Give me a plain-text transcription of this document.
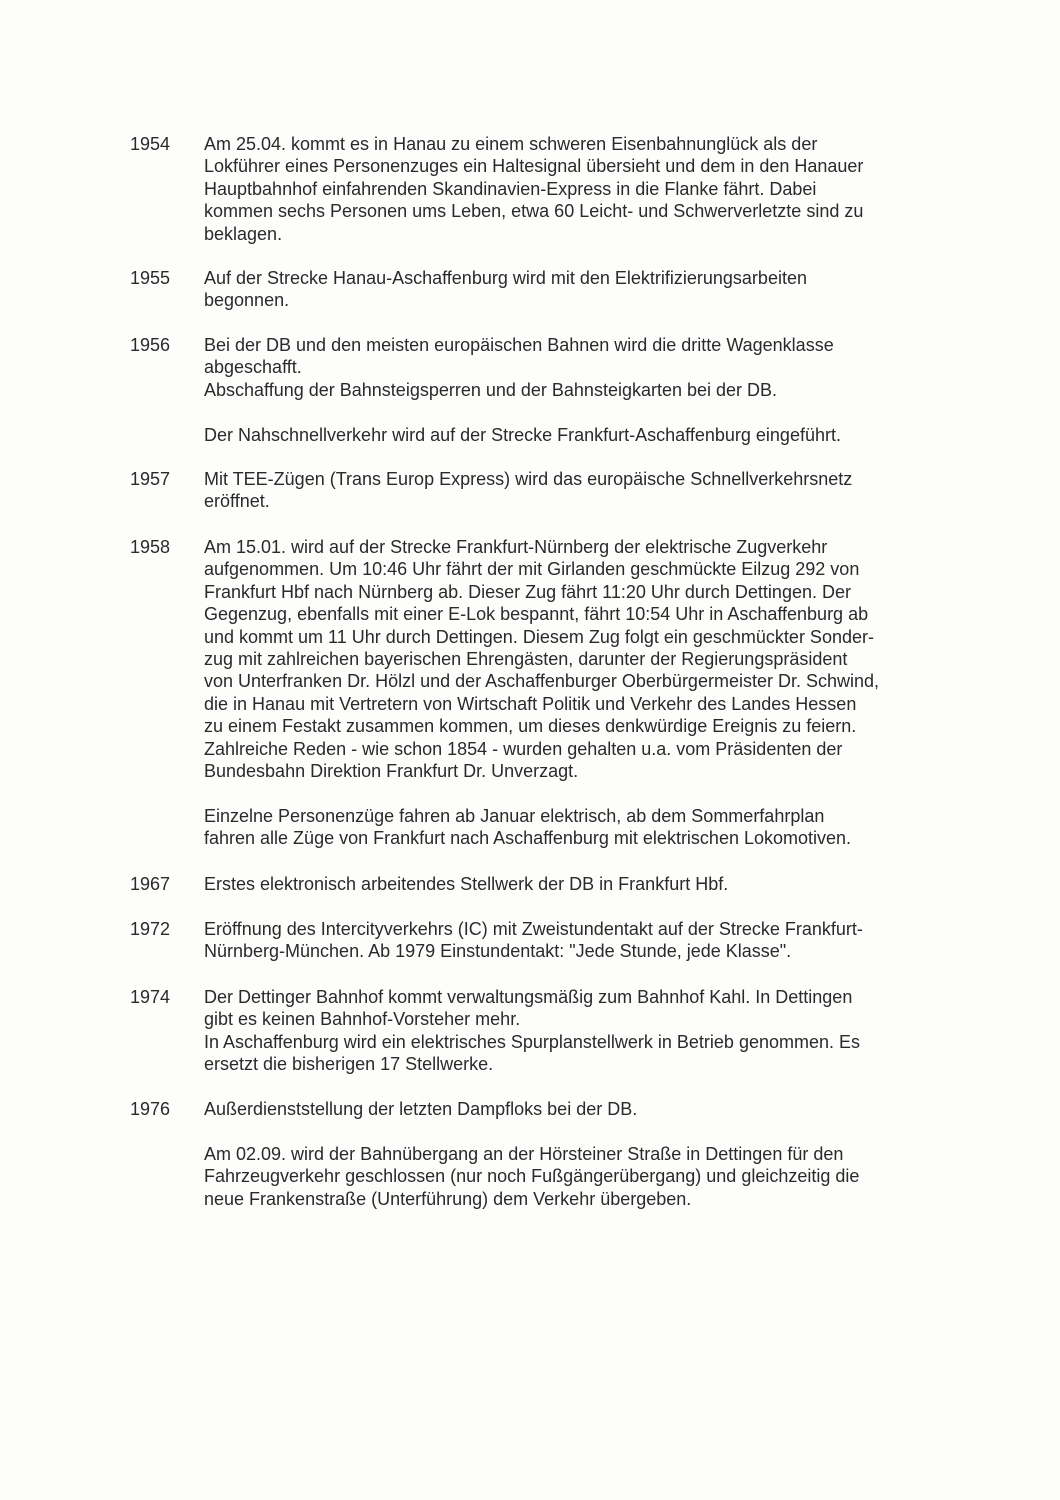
1954	Am 25.04. kommt es in Hanau zu einem schweren Eisenbahnunglück als der
Lokführer eines Personenzuges ein Haltesignal übersieht und dem in den Hanauer
Hauptbahnhof einfahrenden Skandinavien-Express in die Flanke fährt. Dabei
kommen sechs Personen ums Leben, etwa 60 Leicht- und Schwerverletzte sind zu
beklagen.
1955	Auf der Strecke Hanau-Aschaffenburg wird mit den Elektrifizierungsarbeiten
begonnen.
1956	Bei der DB und den meisten europäischen Bahnen wird die dritte Wagenklasse
abgeschafft.
Abschaffung der Bahnsteigsperren und der Bahnsteigkarten bei der DB.
Der Nahschnellverkehr wird auf der Strecke Frankfurt-Aschaffenburg eingeführt.
1957	Mit TEE-Zügen (Trans Europ Express) wird das europäische Schnellverkehrsnetz
eröffnet.
1958	Am 15.01. wird auf der Strecke Frankfurt-Nürnberg der elektrische Zugverkehr
aufgenommen. Um 10:46 Uhr fährt der mit Girlanden geschmückte Eilzug 292 von
Frankfurt Hbf nach Nürnberg ab. Dieser Zug fährt 11:20 Uhr durch Dettingen. Der
Gegenzug, ebenfalls mit einer E-Lok bespannt, fährt 10:54 Uhr in Aschaffenburg ab
und kommt um 11 Uhr durch Dettingen. Diesem Zug folgt ein geschmückter Sonder-
zug mit zahlreichen bayerischen Ehrengästen, darunter der Regierungspräsident
von Unterfranken Dr. Hölzl und der Aschaffenburger Oberbürgermeister Dr. Schwind,
die in Hanau mit Vertretern von Wirtschaft Politik und Verkehr des Landes Hessen
zu einem Festakt zusammen kommen, um dieses denkwürdige Ereignis zu feiern.
Zahlreiche Reden - wie schon 1854 - wurden gehalten u.a. vom Präsidenten der
Bundesbahn Direktion Frankfurt Dr. Unverzagt.
Einzelne Personenzüge fahren ab Januar elektrisch, ab dem Sommerfahrplan
fahren alle Züge von Frankfurt nach Aschaffenburg mit elektrischen Lokomotiven.
1967	Erstes elektronisch arbeitendes Stellwerk der DB in Frankfurt Hbf.
1972	Eröffnung des Intercityverkehrs (IC) mit Zweistundentakt auf der Strecke Frankfurt-
Nürnberg-München. Ab 1979 Einstundentakt: "Jede Stunde, jede Klasse".
1974	Der Dettinger Bahnhof kommt verwaltungsmäßig zum Bahnhof Kahl. In Dettingen
gibt es keinen Bahnhof-Vorsteher mehr.
In Aschaffenburg wird ein elektrisches Spurplanstellwerk in Betrieb genommen. Es
ersetzt die bisherigen 17 Stellwerke.
1976	Außerdienststellung der letzten Dampfloks bei der DB.
Am 02.09. wird der Bahnübergang an der Hörsteiner Straße in Dettingen für den
Fahrzeugverkehr geschlossen (nur noch Fußgängerübergang) und gleichzeitig die
neue Frankenstraße (Unterführung) dem Verkehr übergeben.
